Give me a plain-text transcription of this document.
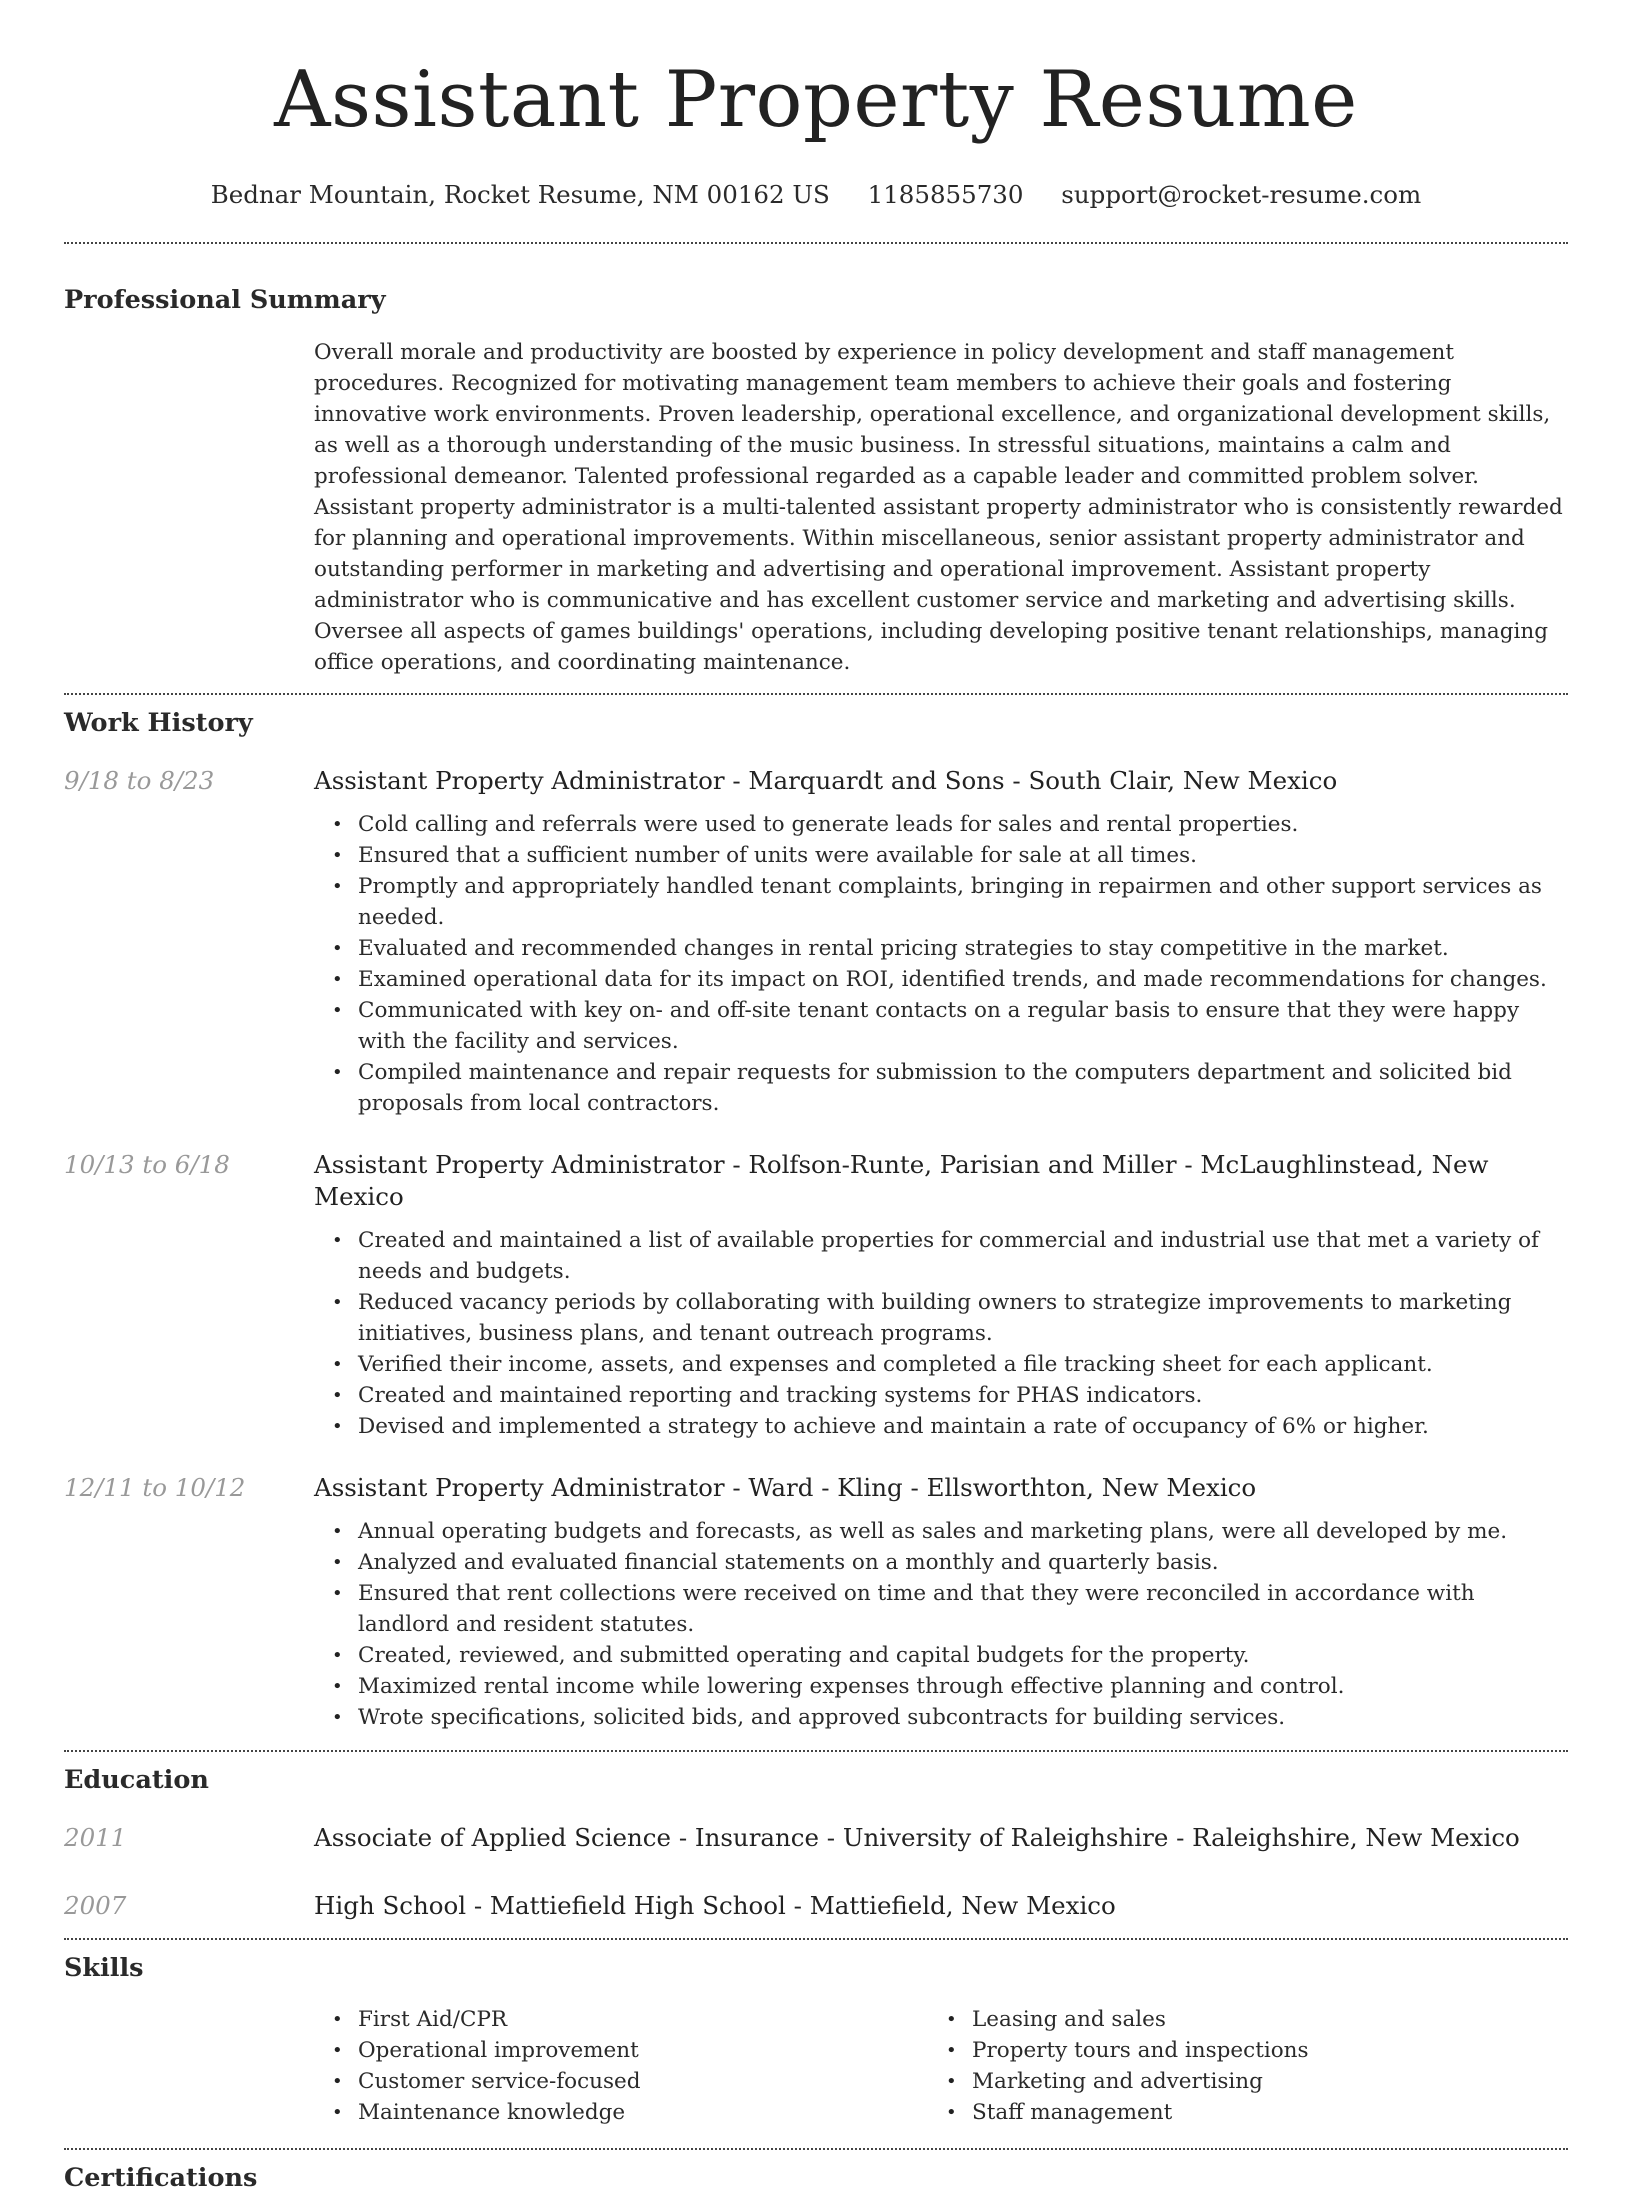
Assistant Property Resume
Bednar Mountain, Rocket Resume, NM 00162 US 1185855730 support@rocket-resume.com
Professional Summary

Overall morale and productivity are boosted by experience in policy development and staff management procedures. Recognized for motivating management team members to achieve their goals and fostering innovative work environments. Proven leadership, operational excellence, and organizational development skills, as well as a thorough understanding of the music business. In stressful situations, maintains a calm and professional demeanor. Talented professional regarded as a capable leader and committed problem solver. Assistant property administrator is a multi-talented assistant property administrator who is consistently rewarded for planning and operational improvements. Within miscellaneous, senior assistant property administrator and outstanding performer in marketing and advertising and operational improvement. Assistant property administrator who is communicative and has excellent customer service and marketing and advertising skills. Oversee all aspects of games buildings' operations, including developing positive tenant relationships, managing office operations, and coordinating maintenance.

Work History
9/18 to 8/23	Assistant Property Administrator - Marquardt and Sons - South Clair, New Mexico
• Cold calling and referrals were used to generate leads for sales and rental properties.
• Ensured that a sufficient number of units were available for sale at all times.
• Promptly and appropriately handled tenant complaints, bringing in repairmen and other support services as needed.
• Evaluated and recommended changes in rental pricing strategies to stay competitive in the market.
• Examined operational data for its impact on ROI, identified trends, and made recommendations for changes.
• Communicated with key on- and off-site tenant contacts on a regular basis to ensure that they were happy with the facility and services.
• Compiled maintenance and repair requests for submission to the computers department and solicited bid proposals from local contractors.
10/13 to 6/18	Assistant Property Administrator - Rolfson-Runte, Parisian and Miller - McLaughlinstead, New Mexico
• Created and maintained a list of available properties for commercial and industrial use that met a variety of needs and budgets.
• Reduced vacancy periods by collaborating with building owners to strategize improvements to marketing initiatives, business plans, and tenant outreach programs.
• Verified their income, assets, and expenses and completed a file tracking sheet for each applicant.
• Created and maintained reporting and tracking systems for PHAS indicators.
• Devised and implemented a strategy to achieve and maintain a rate of occupancy of 6% or higher.
12/11 to 10/12	Assistant Property Administrator - Ward - Kling - Ellsworthton, New Mexico
• Annual operating budgets and forecasts, as well as sales and marketing plans, were all developed by me.
• Analyzed and evaluated financial statements on a monthly and quarterly basis.
• Ensured that rent collections were received on time and that they were reconciled in accordance with landlord and resident statutes.
• Created, reviewed, and submitted operating and capital budgets for the property.
• Maximized rental income while lowering expenses through effective planning and control.
• Wrote specifications, solicited bids, and approved subcontracts for building services.
Education
2011	Associate of Applied Science - Insurance - University of Raleighshire - Raleighshire, New Mexico
2007	High School - Mattiefield High School - Mattiefield, New Mexico
Skills
• First Aid/CPR
• Operational improvement
• Customer service-focused
• Maintenance knowledge
• Leasing and sales
• Property tours and inspections
• Marketing and advertising
• Staff management
Certifications
